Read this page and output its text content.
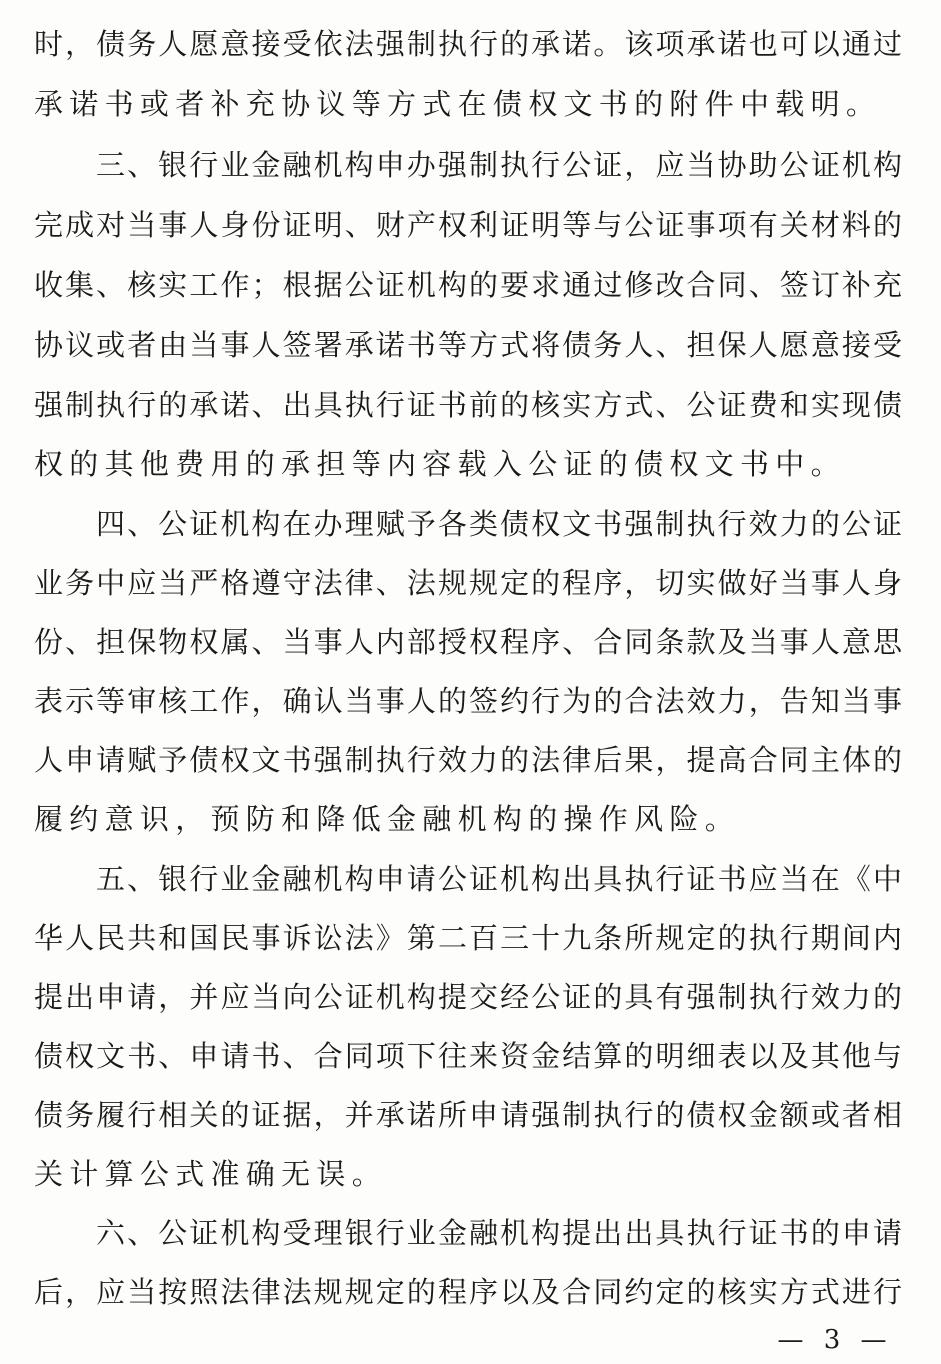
时，债务人愿意接受依法强制执行的承诺。该项承诺也可以通过
承诺书或者补充协议等方式在债权文书的附件中载明。
三、银行业金融机构申办强制执行公证，应当协助公证机构
完成对当事人身份证明、财产权利证明等与公证事项有关材料的
收集、核实工作；根据公证机构的要求通过修改合同、签订补充
协议或者由当事人签署承诺书等方式将债务人、担保人愿意接受
强制执行的承诺、出具执行证书前的核实方式、公证费和实现债
权的其他费用的承担等内容载入公证的债权文书中。
四、公证机构在办理赋予各类债权文书强制执行效力的公证
业务中应当严格遵守法律、法规规定的程序，切实做好当事人身
份、担保物权属、当事人内部授权程序、合同条款及当事人意思
表示等审核工作，确认当事人的签约行为的合法效力，告知当事
人申请赋予债权文书强制执行效力的法律后果，提高合同主体的
履约意识，预防和降低金融机构的操作风险。
五、银行业金融机构申请公证机构出具执行证书应当在《中
华人民共和国民事诉讼法》第二百三十九条所规定的执行期间内
提出申请，并应当向公证机构提交经公证的具有强制执行效力的
债权文书、申请书、合同项下往来资金结算的明细表以及其他与
债务履行相关的证据，并承诺所申请强制执行的债权金额或者相
关计算公式准确无误。
六、公证机构受理银行业金融机构提出出具执行证书的申请
后，应当按照法律法规规定的程序以及合同约定的核实方式进行
— 3 —
